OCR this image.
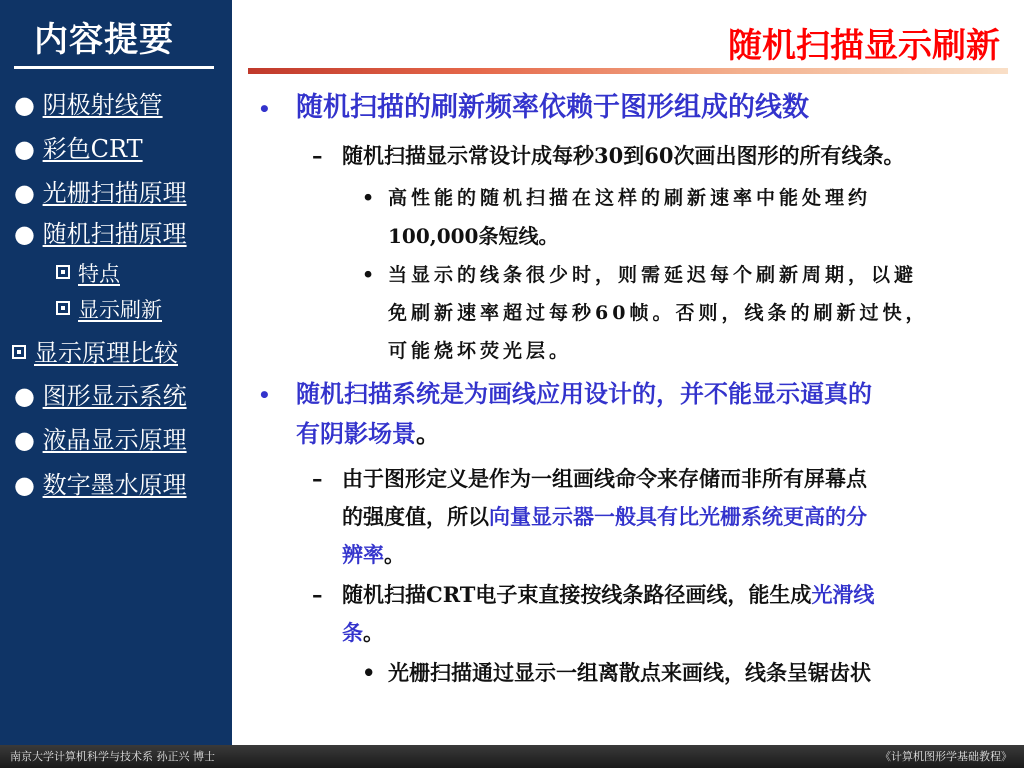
内容提要
● 阴极射线管
● 彩色CRT
● 光栅扫描原理
● 随机扫描原理
特点
显示刷新
显示原理比较
● 图形显示系统
● 液晶显示原理
● 数字墨水原理
随机扫描显示刷新
• 随机扫描的刷新频率依赖于图形组成的线数
– 随机扫描显示常设计成每秒30到60次画出图形的所有线条。
• 高性能的随机扫描在这样的刷新速率中能处理约
100,000条短线。
• 当显示的线条很少时，则需延迟每个刷新周期，以避
免刷新速率超过每秒60帧。否则，线条的刷新过快，
可能烧坏荧光层。
• 随机扫描系统是为画线应用设计的，并不能显示逼真的
有阴影场景。
– 由于图形定义是作为一组画线命令来存储而非所有屏幕点
的强度值，所以向量显示器一般具有比光栅系统更高的分
辨率。
– 随机扫描CRT电子束直接按线条路径画线，能生成光滑线
条。
• 光栅扫描通过显示一组离散点来画线，线条呈锯齿状
南京大学计算机科学与技术系 孙正兴 博士	《计算机图形学基础教程》
